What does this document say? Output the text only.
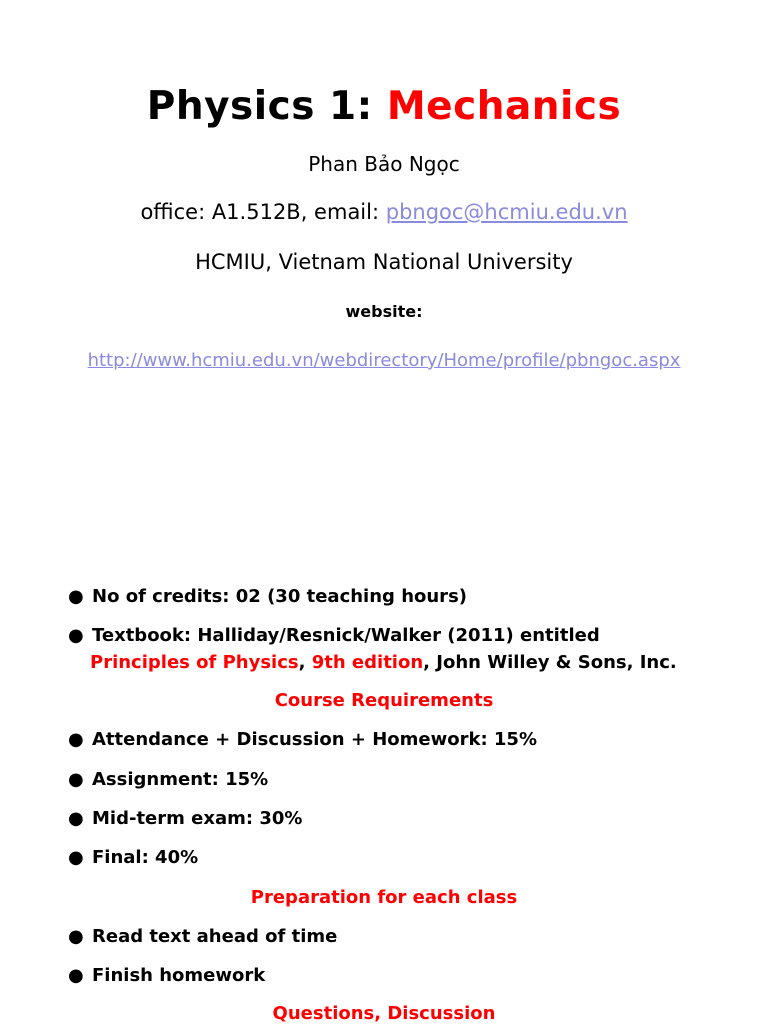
Physics 1: Mechanics
Phan Bảo Ngọc
office: A1.512B, email: pbngoc@hcmiu.edu.vn
HCMIU, Vietnam National University
website:
http://www.hcmiu.edu.vn/webdirectory/Home/profile/pbngoc.aspx
● No of credits: 02 (30 teaching hours)
● Textbook: Halliday/Resnick/Walker (2011) entitled
Principles of Physics, 9th edition, John Willey & Sons, Inc.
Course Requirements
● Attendance + Discussion + Homework: 15%
● Assignment: 15%
● Mid-term exam: 30%
● Final: 40%
Preparation for each class
● Read text ahead of time
● Finish homework
Questions, Discussion
